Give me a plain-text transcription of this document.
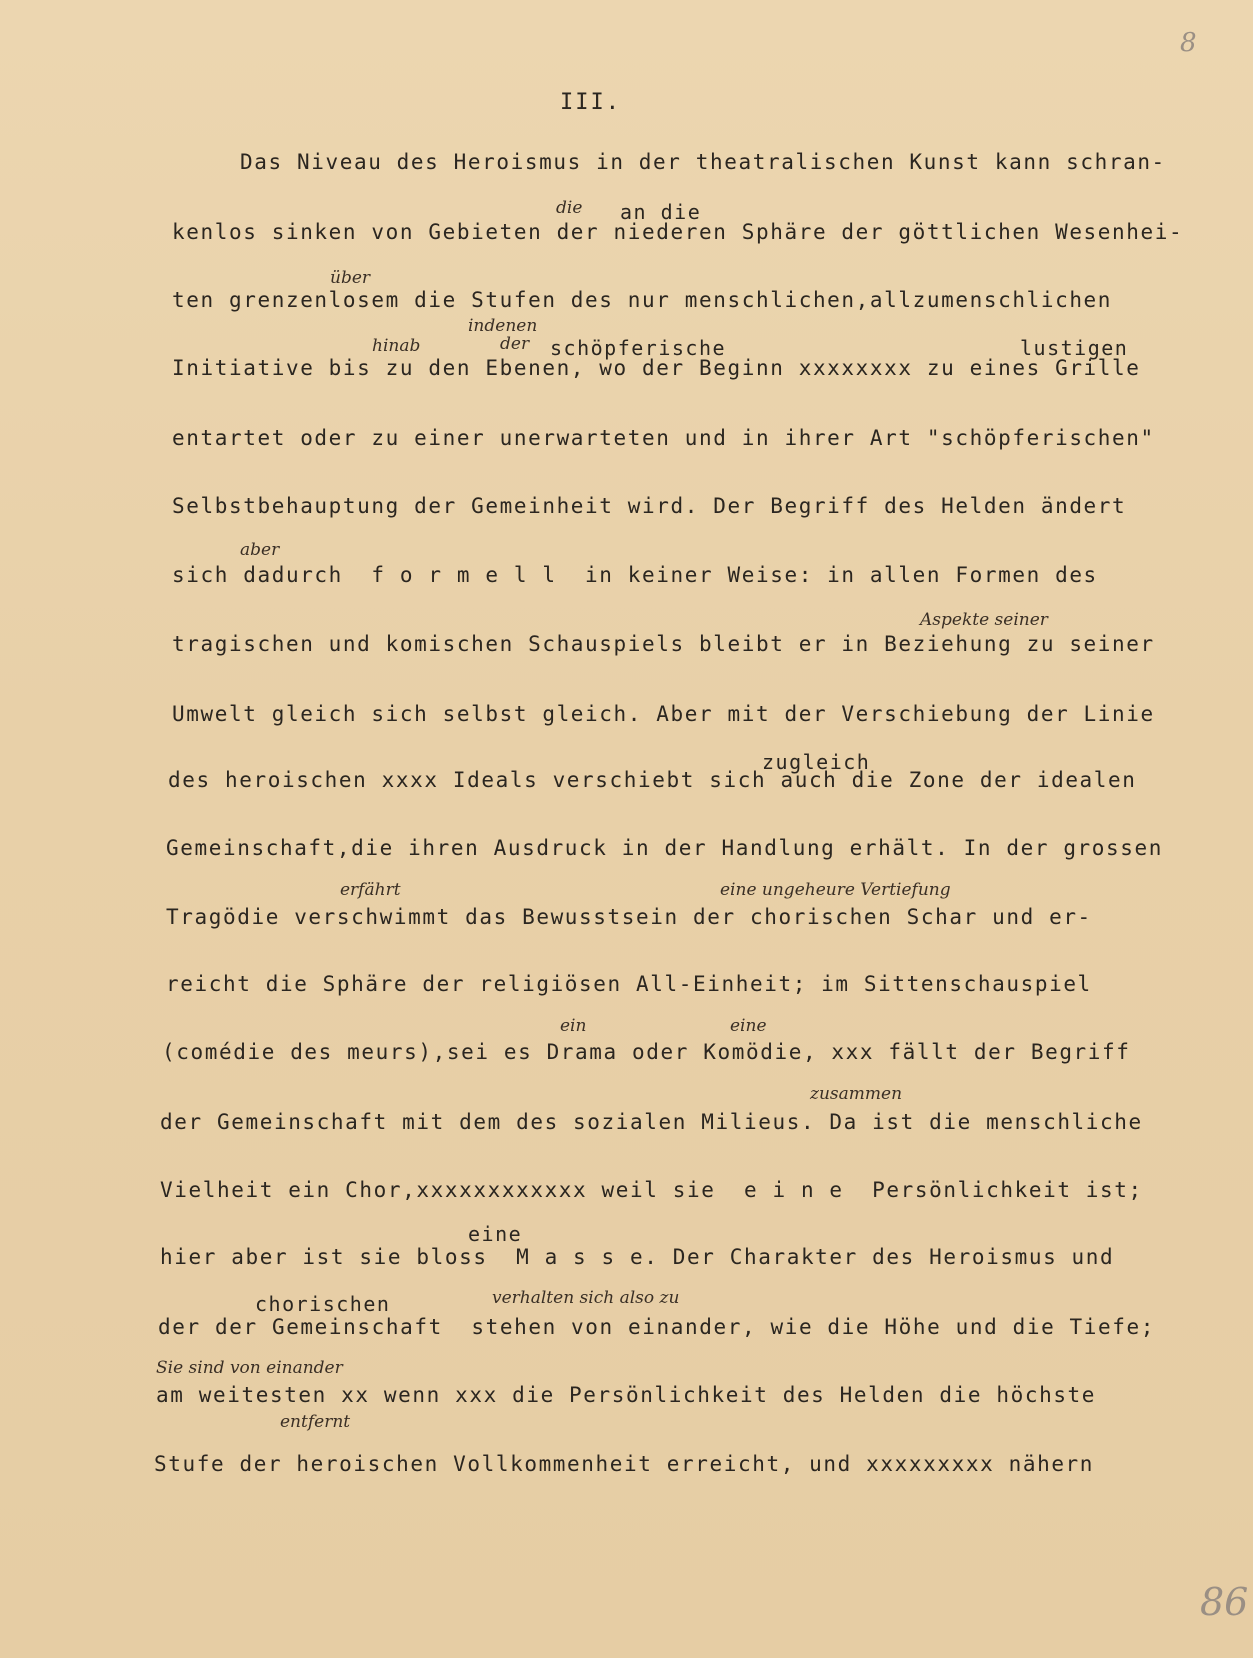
8
III.
Das Niveau des Heroismus in der theatralischen Kunst kann schran-
kenlos sinken von Gebieten der niederen Sphäre der göttlichen Wesenhei-
ten grenzenlosem die Stufen des nur menschlichen,allzumenschlichen
Initiative bis zu den Ebenen, wo der Beginn xxxxxxxx zu eines Grille
entartet oder zu einer unerwarteten und in ihrer Art "schöpferischen"
Selbstbehauptung der Gemeinheit wird. Der Begriff des Helden ändert
sich dadurch  f o r m e l l  in keiner Weise: in allen Formen des
tragischen und komischen Schauspiels bleibt er in Beziehung zu seiner
Umwelt gleich sich selbst gleich. Aber mit der Verschiebung der Linie
des heroischen xxxx Ideals verschiebt sich auch die Zone der idealen
Gemeinschaft,die ihren Ausdruck in der Handlung erhält. In der grossen
Tragödie verschwimmt das Bewusstsein der chorischen Schar und er-
reicht die Sphäre der religiösen All-Einheit; im Sittenschauspiel
(comédie des meurs),sei es Drama oder Komödie, xxx fällt der Begriff
der Gemeinschaft mit dem des sozialen Milieus. Da ist die menschliche
Vielheit ein Chor,xxxxxxxxxxxx weil sie  e i n e  Persönlichkeit ist;
hier aber ist sie bloss  M a s s e. Der Charakter des Heroismus und
der der Gemeinschaft  stehen von einander, wie die Höhe und die Tiefe;
am weitesten xx wenn xxx die Persönlichkeit des Helden die höchste
Stufe der heroischen Vollkommenheit erreicht, und xxxxxxxxx nähern
an die
die
über
indenen
der schöpferische
hinab	lustigen
aber
Aspekte seiner
zugleich
erfährt	eine ungeheure Vertiefung
ein	eine
zusammen
eine
chorischen	verhalten sich also zu
Sie sind von einander
entfernt
86
